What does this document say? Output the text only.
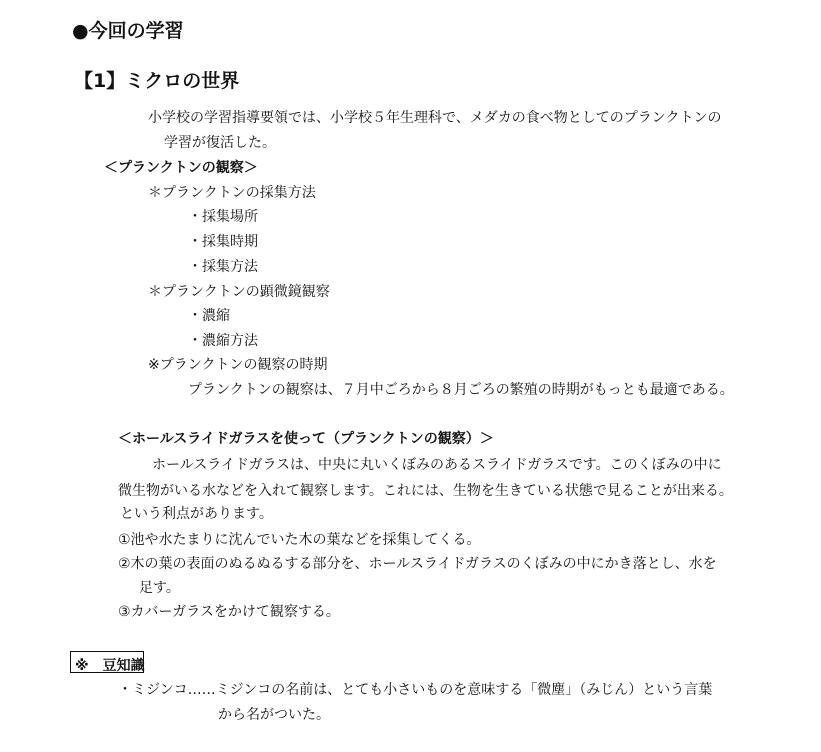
●今回の学習
【1】ミクロの世界
小学校の学習指導要領では、小学校５年生理科で、メダカの食べ物としてのプランクトンの
学習が復活した。
＜プランクトンの観察＞
＊プランクトンの採集方法
・採集場所
・採集時期
・採集方法
＊プランクトンの顕微鏡観察
・濃縮
・濃縮方法
※プランクトンの観察の時期
プランクトンの観察は、７月中ごろから８月ごろの繁殖の時期がもっとも最適である。
＜ホールスライドガラスを使って（プランクトンの観察）＞
ホールスライドガラスは、中央に丸いくぼみのあるスライドガラスです。このくぼみの中に
微生物がいる水などを入れて観察します。これには、生物を生きている状態で見ることが出来る。
という利点があります。
①池や水たまりに沈んでいた木の葉などを採集してくる。
②木の葉の表面のぬるぬるする部分を、ホールスライドガラスのくぼみの中にかき落とし、水を
足す。
③カバーガラスをかけて観察する。
※　豆知識
・ミジンコ……ミジンコの名前は、とても小さいものを意味する「微塵」（みじん）という言葉
から名がついた。
